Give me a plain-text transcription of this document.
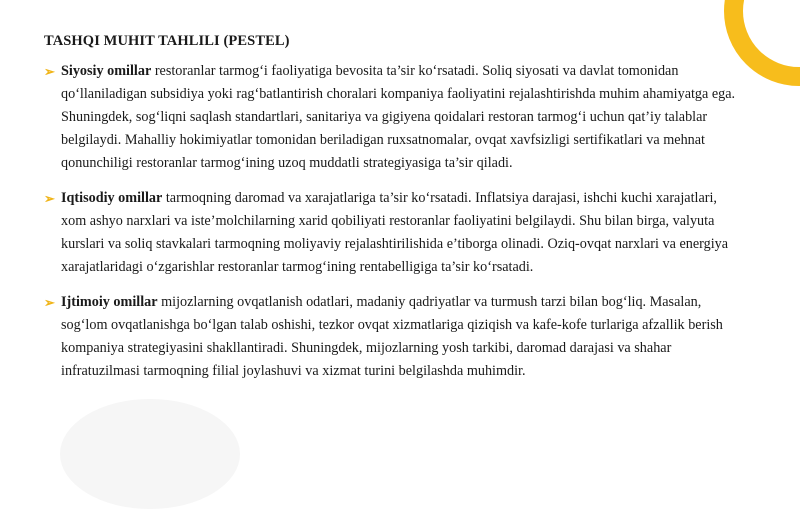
TASHQI MUHIT TAHLILI (PESTEL)
➢ Siyosiy omillar restoranlar tarmog‘i faoliyatiga bevosita ta’sir ko‘rsatadi. Soliq siyosati va davlat tomonidan qo‘llaniladigan subsidiya yoki rag‘batlantirish choralari kompaniya faoliyatini rejalashtirishda muhim ahamiyatga ega. Shuningdek, sog‘liqni saqlash standartlari, sanitariya va gigiyena qoidalari restoran tarmog‘i uchun qat’iy talablar belgilaydi. Mahalliy hokimiyatlar tomonidan beriladigan ruxsatnomalar, ovqat xavfsizligi sertifikatlari va mehnat qonunchiligi restoranlar tarmog‘ining uzoq muddatli strategiyasiga ta’sir qiladi.
➢ Iqtisodiy omillar tarmoqning daromad va xarajatlariga ta’sir ko‘rsatadi. Inflatsiya darajasi, ishchi kuchi xarajatlari, xom ashyo narxlari va iste’molchilarning xarid qobiliyati restoranlar faoliyatini belgilaydi. Shu bilan birga, valyuta kurslari va soliq stavkalari tarmoqning moliyaviy rejalashtirilishida e’tiborga olinadi. Oziq-ovqat narxlari va energiya xarajatlaridagi o‘zgarishlar restoranlar tarmog‘ining rentabelligiga ta’sir ko‘rsatadi.
➢ Ijtimoiy omillar mijozlarning ovqatlanish odatlari, madaniy qadriyatlar va turmush tarzi bilan bog‘liq. Masalan, sog‘lom ovqatlanishga bo‘lgan talab oshishi, tezkor ovqat xizmatlariga qiziqish va kafe-kofe turlariga afzallik berish kompaniya strategiyasini shakllantiradi. Shuningdek, mijozlarning yosh tarkibi, daromad darajasi va shahar infratuzilmasi tarmoqning filial joylashuvi va xizmat turini belgilashda muhimdir.
